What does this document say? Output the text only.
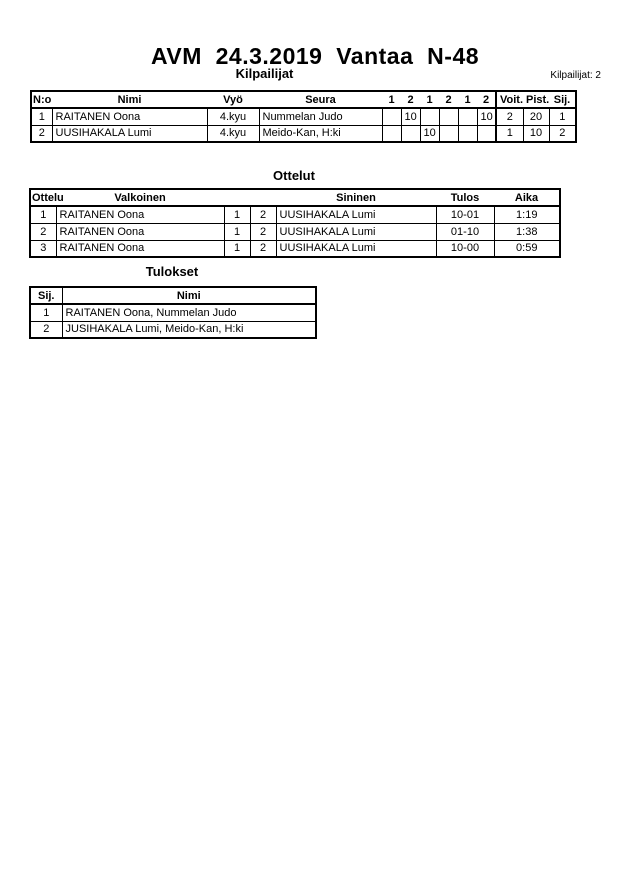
AVM  24.3.2019  Vantaa  N-48
Kilpailijat	Kilpailijat: 2
N:o	Nimi	Vyö	Seura	1	2	1	2	1	2	Voit.	Pist.	Sij.
1	RAITANEN Oona	4.kyu	Nummelan Judo		10				10	2	20	1
2	UUSIHAKALA Lumi	4.kyu	Meido-Kan, H:ki			10				1	10	2
Ottelut
Ottelu	Valkoinen			Sininen	Tulos	Aika
1	RAITANEN Oona	1	2	UUSIHAKALA Lumi	10-01	1:19
2	RAITANEN Oona	1	2	UUSIHAKALA Lumi	01-10	1:38
3	RAITANEN Oona	1	2	UUSIHAKALA Lumi	10-00	0:59
Tulokset
Sij.	Nimi
1	RAITANEN Oona, Nummelan Judo
2	JUSIHAKALA Lumi, Meido-Kan, H:ki
